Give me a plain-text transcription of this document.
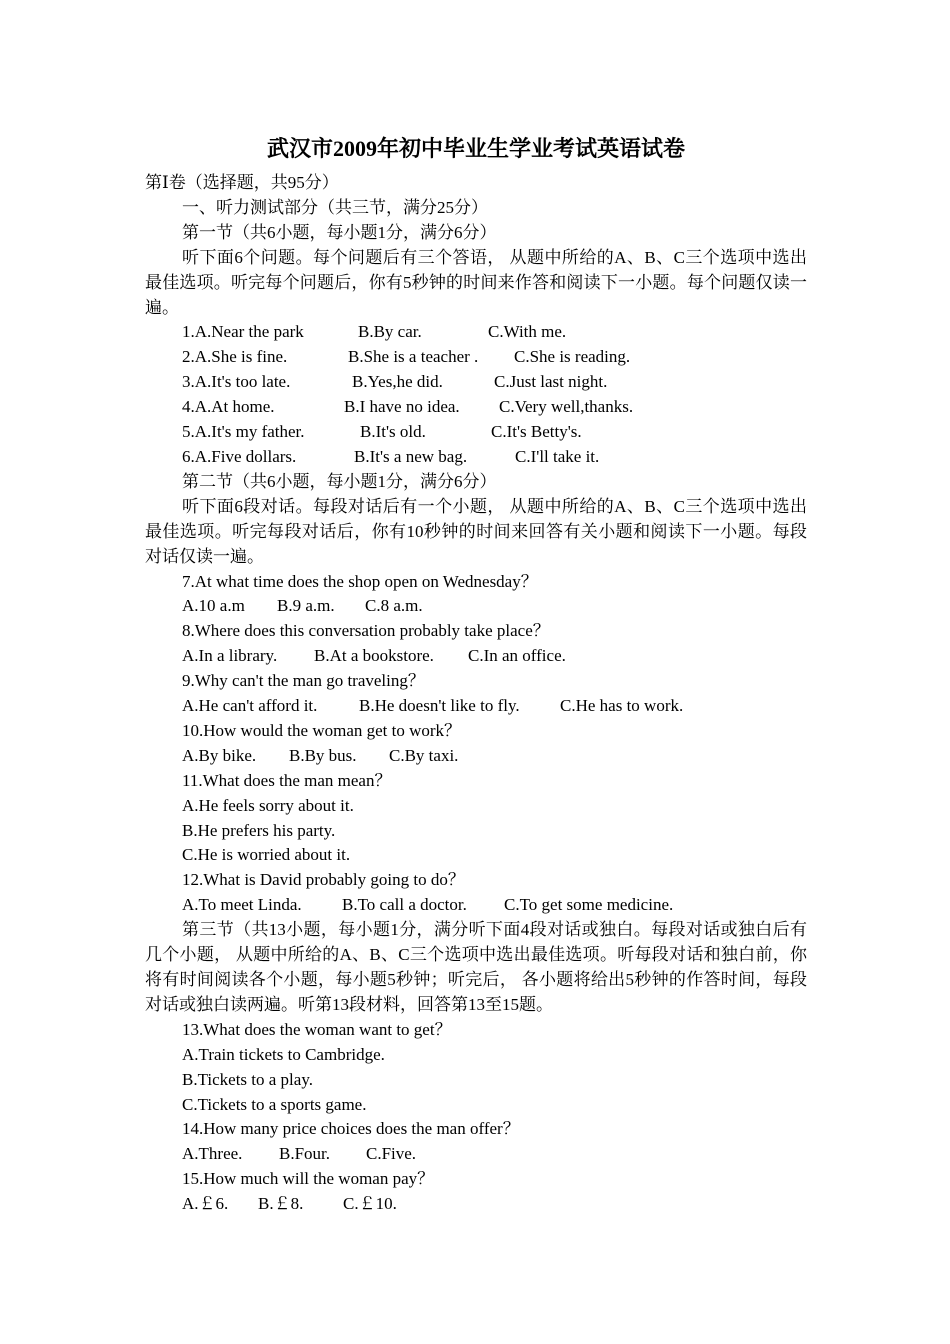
武汉市2009年初中毕业生学业考试英语试卷
第Ⅰ卷（选择题，共95分）
一、听力测试部分（共三节，满分25分）
第一节（共6小题，每小题1分，满分6分）
听下面6个问题。每个问题后有三个答语， 从题中所给的A、B、C三个选项中选出最佳选项。听完每个问题后，你有5秒钟的时间来作答和阅读下一小题。每个问题仅读一遍。
1.A.Near the park	B.By car.	C.With me.
2.A.She is fine.	B.She is a teacher . C.She is reading.
3.A.It's too late.	B.Yes,he did.	C.Just last night.
4.A.At home.	B.I have no idea. C.Very well,thanks.
5.A.It's my father.	B.It's old.	C.It's Betty's.
6.A.Five dollars.	B.It's a new bag.	C.I'll take it.
第二节（共6小题，每小题1分，满分6分）
听下面6段对话。每段对话后有一个小题， 从题中所给的A、B、C三个选项中选出最佳选项。听完每段对话后，你有10秒钟的时间来回答有关小题和阅读下一小题。每段对话仅读一遍。
7.At what time does the shop open on Wednesday？
A.10 a.m B.9 a.m. C.8 a.m.
8.Where does this conversation probably take place？
A.In a library. B.At a bookstore. C.In an office.
9.Why can't the man go traveling？
A.He can't afford it. B.He doesn't like to fly. C.He has to work.
10.How would the woman get to work？
A.By bike. B.By bus. C.By taxi.
11.What does the man mean？
A.He feels sorry about it.
B.He prefers his party.
C.He is worried about it.
12.What is David probably going to do？
A.To meet Linda. B.To call a doctor. C.To get some medicine.
第三节（共13小题，每小题1分，满分听下面4段对话或独白。每段对话或独白后有几个小题， 从题中所给的A、B、C三个选项中选出最佳选项。听每段对话和独白前，你将有时间阅读各个小题，每小题5秒钟；听完后， 各小题将给出5秒钟的作答时间，每段对话或独白读两遍。听第13段材料，回答第13至15题。
13.What does the woman want to get？
A.Train tickets to Cambridge.
B.Tickets to a play.
C.Tickets to a sports game.
14.How many price choices does the man offer？
A.Three. B.Four. C.Five.
15.How much will the woman pay？
A.￡6. B.￡8. C.￡10.
